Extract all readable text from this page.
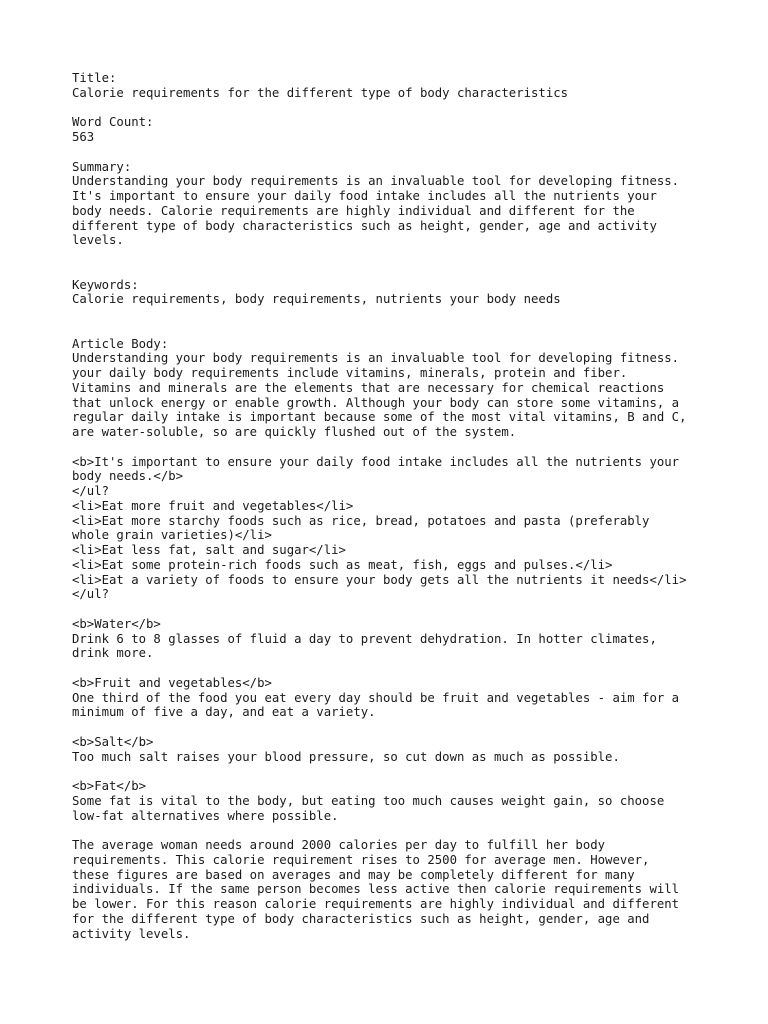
Title:
Calorie requirements for the different type of body characteristics
Word Count:
563
Summary:
Understanding your body requirements is an invaluable tool for developing fitness.
It's important to ensure your daily food intake includes all the nutrients your
body needs. Calorie requirements are highly individual and different for the
different type of body characteristics such as height, gender, age and activity
levels.
Keywords:
Calorie requirements, body requirements, nutrients your body needs
Article Body:
Understanding your body requirements is an invaluable tool for developing fitness.
your daily body requirements include vitamins, minerals, protein and fiber.
Vitamins and minerals are the elements that are necessary for chemical reactions
that unlock energy or enable growth. Although your body can store some vitamins, a
regular daily intake is important because some of the most vital vitamins, B and C,
are water-soluble, so are quickly flushed out of the system.
<b>It's important to ensure your daily food intake includes all the nutrients your
body needs.</b>
</ul?
<li>Eat more fruit and vegetables</li>
<li>Eat more starchy foods such as rice, bread, potatoes and pasta (preferably
whole grain varieties)</li>
<li>Eat less fat, salt and sugar</li>
<li>Eat some protein-rich foods such as meat, fish, eggs and pulses.</li>
<li>Eat a variety of foods to ensure your body gets all the nutrients it needs</li>
</ul?
<b>Water</b>
Drink 6 to 8 glasses of fluid a day to prevent dehydration. In hotter climates,
drink more.
<b>Fruit and vegetables</b>
One third of the food you eat every day should be fruit and vegetables - aim for a
minimum of five a day, and eat a variety.
<b>Salt</b>
Too much salt raises your blood pressure, so cut down as much as possible.
<b>Fat</b>
Some fat is vital to the body, but eating too much causes weight gain, so choose
low-fat alternatives where possible.
The average woman needs around 2000 calories per day to fulfill her body
requirements. This calorie requirement rises to 2500 for average men. However,
these figures are based on averages and may be completely different for many
individuals. If the same person becomes less active then calorie requirements will
be lower. For this reason calorie requirements are highly individual and different
for the different type of body characteristics such as height, gender, age and
activity levels.
